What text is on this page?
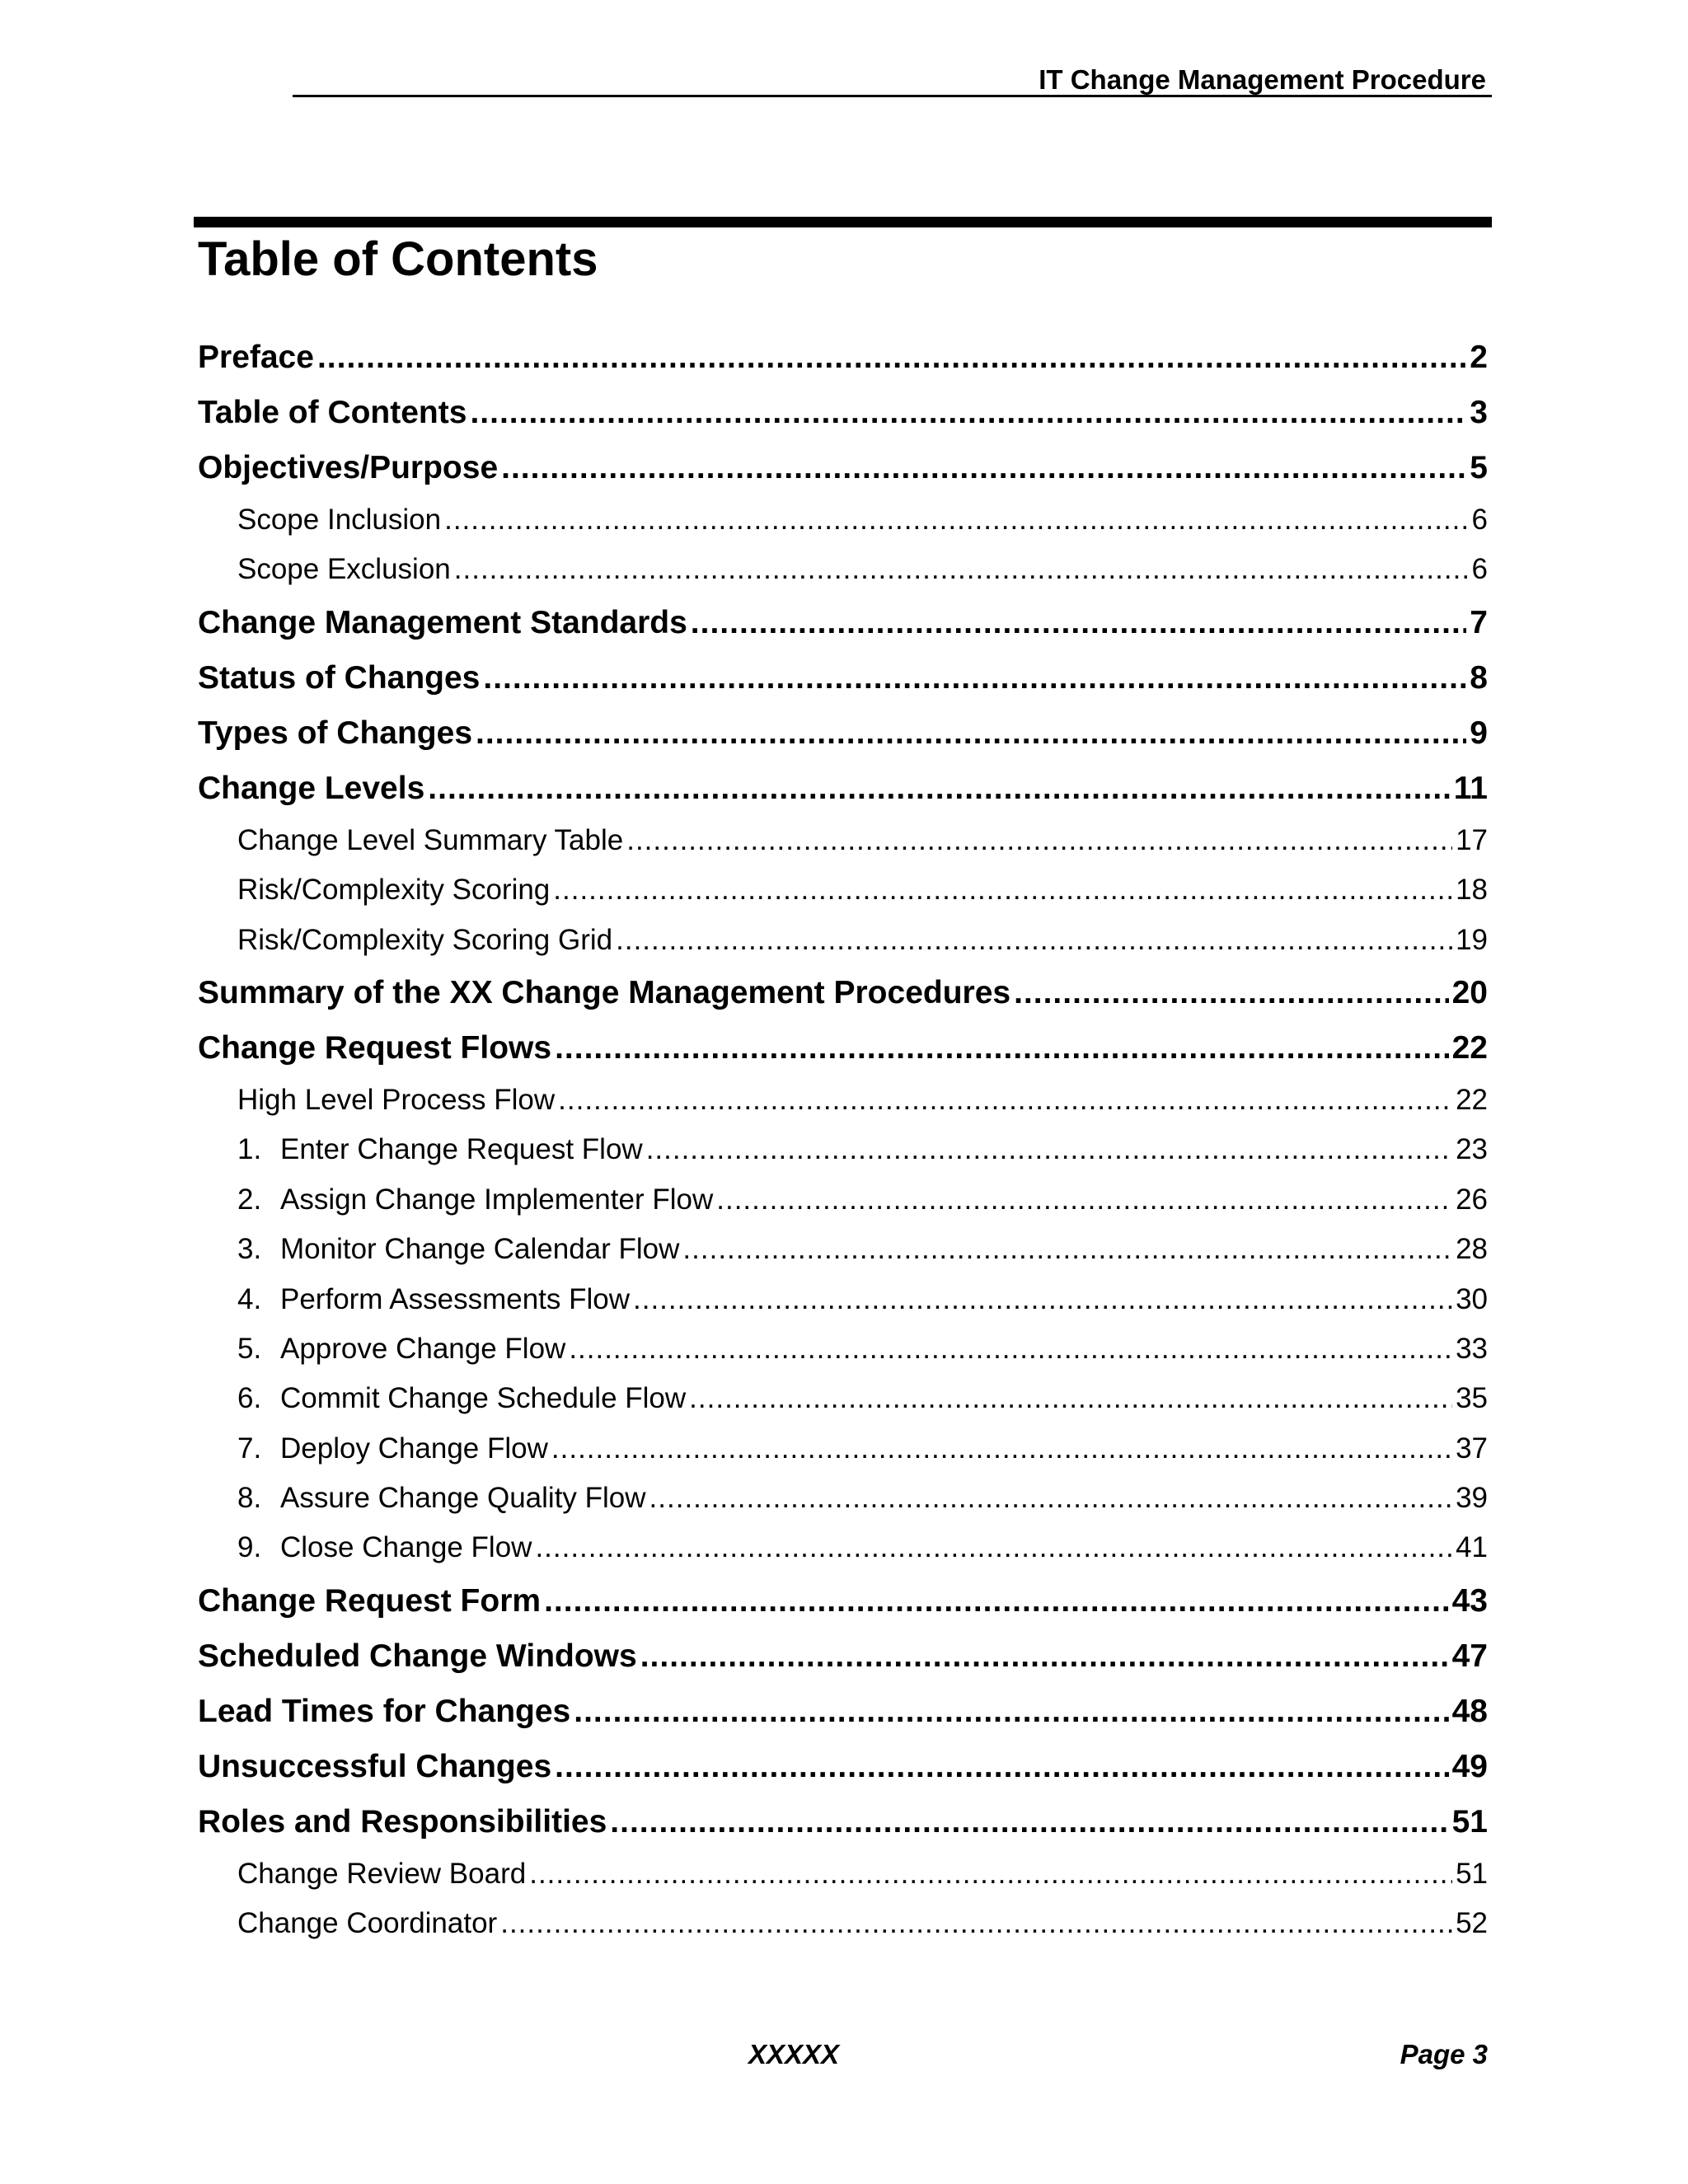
IT Change Management Procedure
Table of Contents
Preface .....	2
Table of Contents .....	3
Objectives/Purpose .....	5
Scope Inclusion .....	6
Scope Exclusion .....	6
Change Management Standards .....	7
Status of Changes .....	8
Types of Changes .....	9
Change Levels .....	11
Change Level Summary Table .....	17
Risk/Complexity Scoring .....	18
Risk/Complexity Scoring Grid .....	19
Summary of the XX Change Management Procedures .....	20
Change Request Flows .....	22
High Level Process Flow .....	22
1. Enter Change Request Flow .....	23
2. Assign Change Implementer Flow .....	26
3. Monitor Change Calendar Flow .....	28
4. Perform Assessments Flow .....	30
5. Approve Change Flow .....	33
6. Commit Change Schedule Flow .....	35
7. Deploy Change Flow .....	37
8. Assure Change Quality Flow .....	39
9. Close Change Flow .....	41
Change Request Form .....	43
Scheduled Change Windows .....	47
Lead Times for Changes .....	48
Unsuccessful Changes .....	49
Roles and Responsibilities .....	51
Change Review Board .....	51
Change Coordinator .....	52
XXXXX	Page 3
